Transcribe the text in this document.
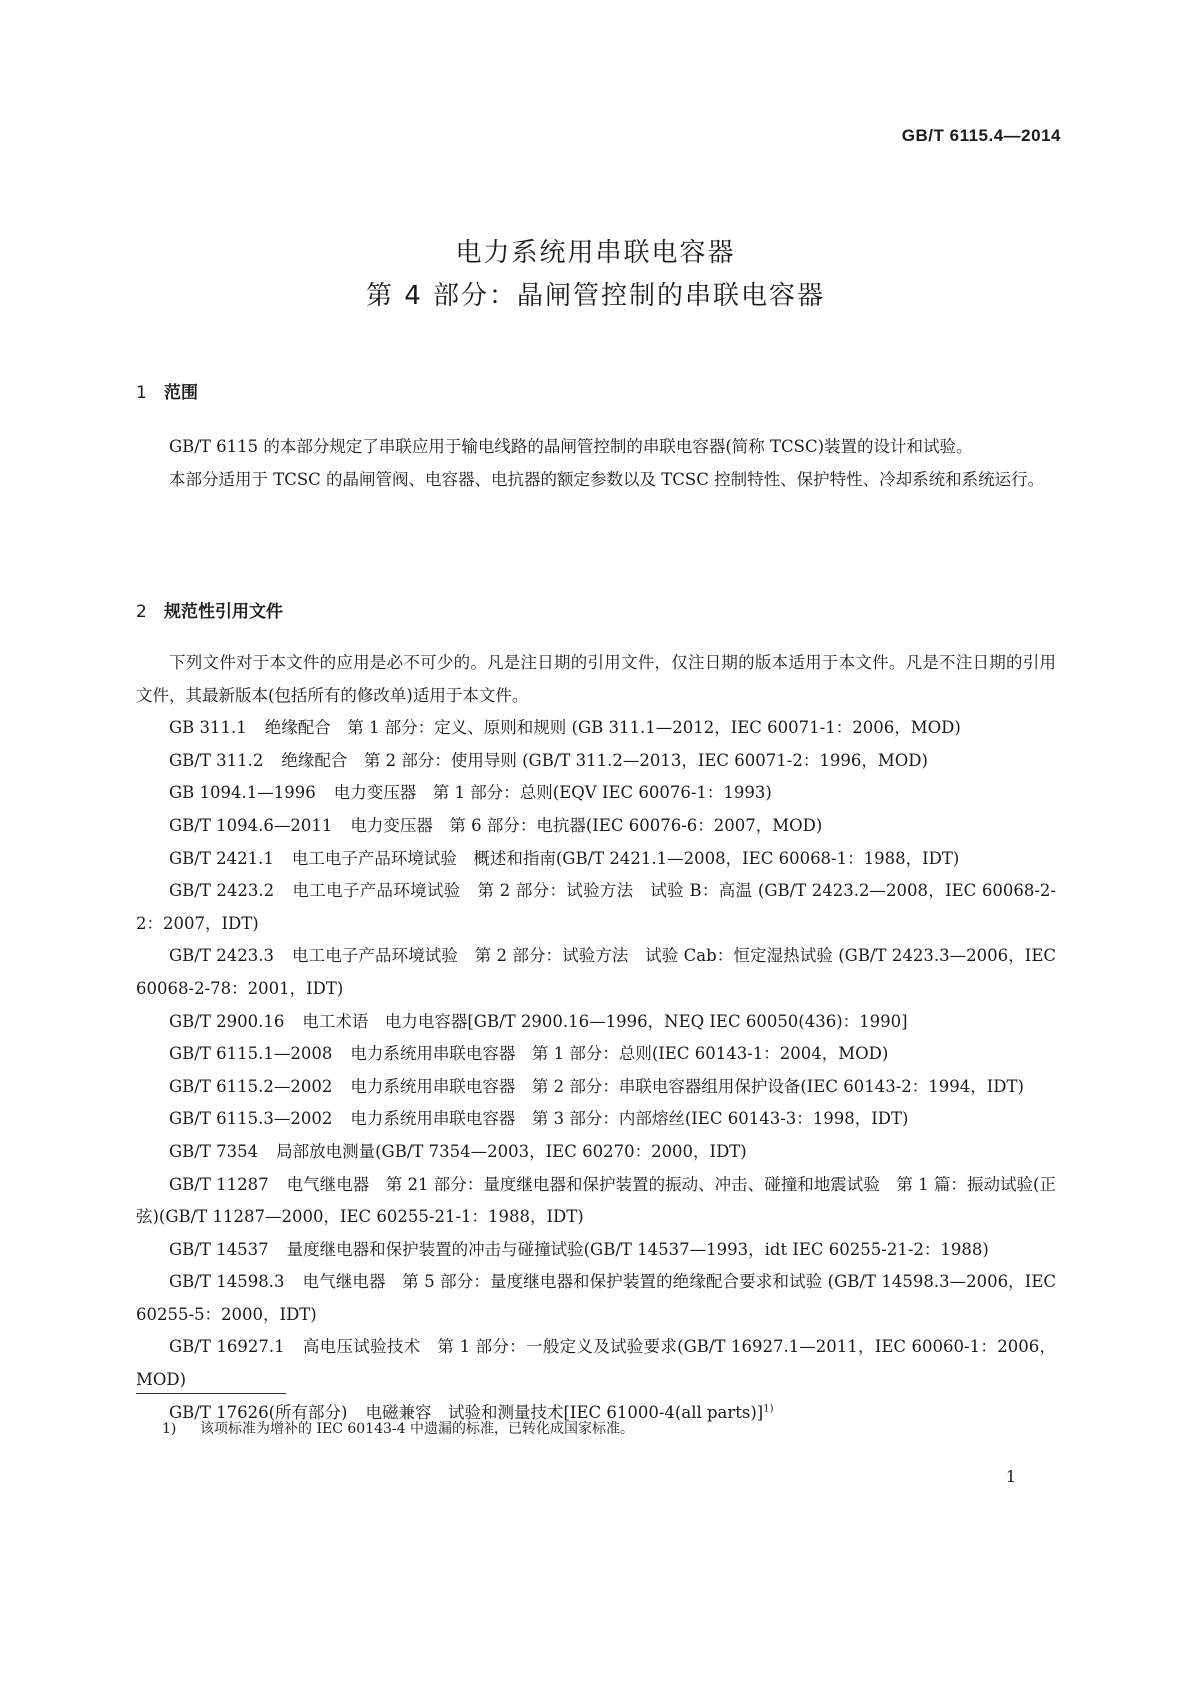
GB/T 6115.4—2014
电力系统用串联电容器
第 4 部分：晶闸管控制的串联电容器
1 范围

GB/T 6115 的本部分规定了串联应用于输电线路的晶闸管控制的串联电容器(简称 TCSC)装置的设计和试验。

本部分适用于 TCSC 的晶闸管阀、电容器、电抗器的额定参数以及 TCSC 控制特性、保护特性、冷却系统和系统运行。

2 规范性引用文件

下列文件对于本文件的应用是必不可少的。凡是注日期的引用文件，仅注日期的版本适用于本文件。凡是不注日期的引用文件，其最新版本(包括所有的修改单)适用于本文件。

GB 311.1 绝缘配合　第 1 部分：定义、原则和规则 (GB 311.1—2012，IEC 60071-1：2006，MOD)
GB/T 311.2 绝缘配合　第 2 部分：使用导则 (GB/T 311.2—2013，IEC 60071-2：1996，MOD)
GB 1094.1—1996 电力变压器　第 1 部分：总则(EQV IEC 60076-1：1993)
GB/T 1094.6—2011 电力变压器　第 6 部分：电抗器(IEC 60076-6：2007，MOD)
GB/T 2421.1 电工电子产品环境试验　概述和指南(GB/T 2421.1—2008，IEC 60068-1：1988，IDT)
GB/T 2423.2 电工电子产品环境试验　第 2 部分：试验方法　试验 B：高温 (GB/T 2423.2—2008，IEC 60068-2-2：2007，IDT)
GB/T 2423.3 电工电子产品环境试验　第 2 部分：试验方法　试验 Cab：恒定湿热试验 (GB/T 2423.3—2006，IEC 60068-2-78：2001，IDT)
GB/T 2900.16 电工术语　电力电容器[GB/T 2900.16—1996，NEQ IEC 60050(436)：1990]
GB/T 6115.1—2008 电力系统用串联电容器　第 1 部分：总则(IEC 60143-1：2004，MOD)
GB/T 6115.2—2002 电力系统用串联电容器　第 2 部分：串联电容器组用保护设备(IEC 60143-2：1994，IDT)
GB/T 6115.3—2002 电力系统用串联电容器　第 3 部分：内部熔丝(IEC 60143-3：1998，IDT)
GB/T 7354 局部放电测量(GB/T 7354—2003，IEC 60270：2000，IDT)
GB/T 11287 电气继电器　第 21 部分：量度继电器和保护装置的振动、冲击、碰撞和地震试验　第 1 篇：振动试验(正弦)(GB/T 11287—2000，IEC 60255-21-1：1988，IDT)
GB/T 14537 量度继电器和保护装置的冲击与碰撞试验(GB/T 14537—1993，idt IEC 60255-21-2：1988)
GB/T 14598.3 电气继电器　第 5 部分：量度继电器和保护装置的绝缘配合要求和试验 (GB/T 14598.3—2006，IEC 60255-5：2000，IDT)
GB/T 16927.1 高电压试验技术　第 1 部分：一般定义及试验要求(GB/T 16927.1—2011，IEC 60060-1：2006，MOD)
GB/T 17626(所有部分) 电磁兼容　试验和测量技术[IEC 61000-4(all parts)]$^{1)}$
1) 该项标准为增补的 IEC 60143-4 中遗漏的标准，已转化成国家标准。
1
